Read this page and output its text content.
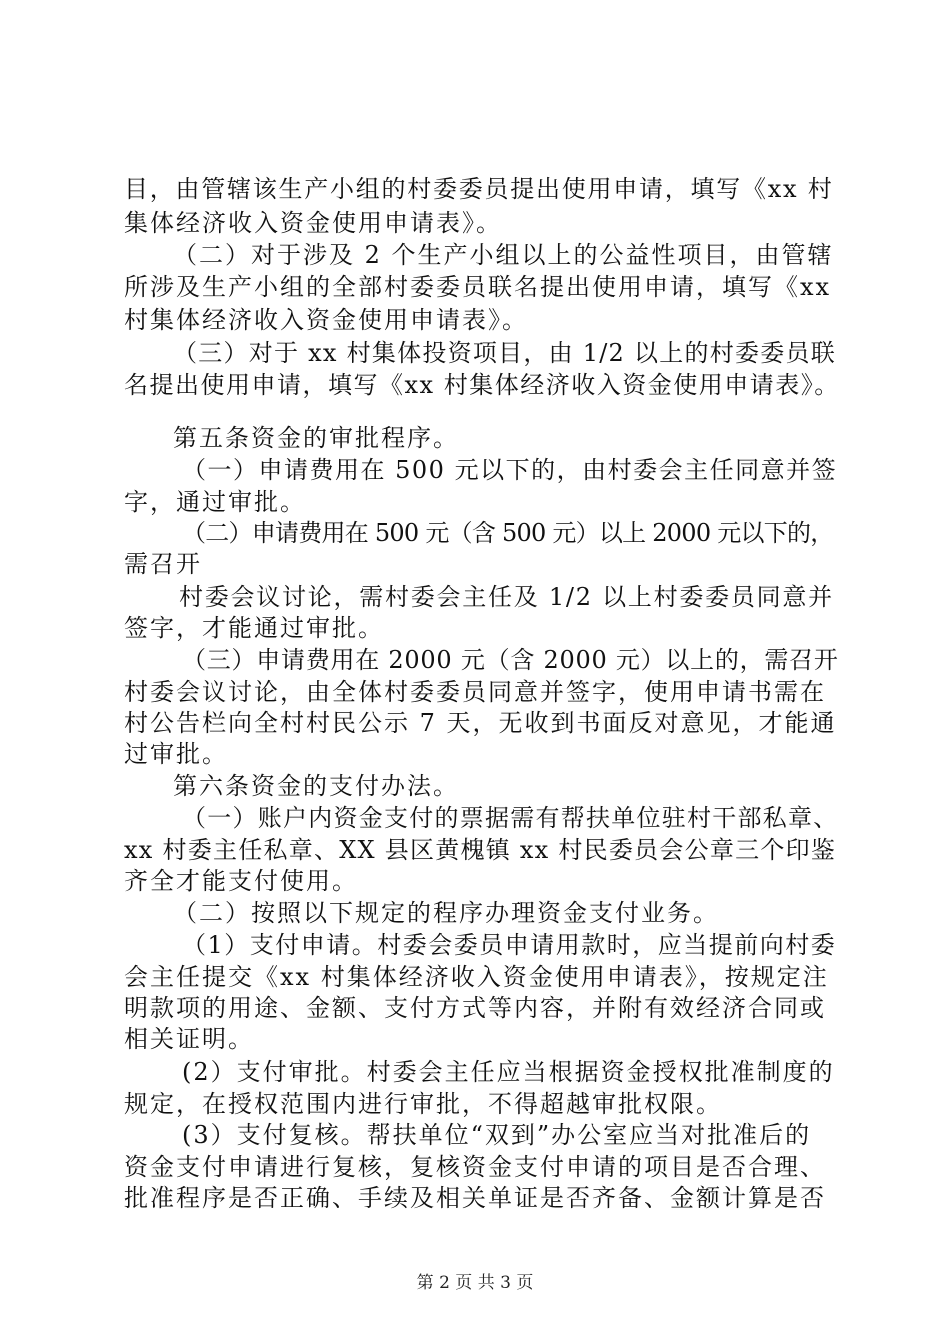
目，由管辖该生产小组的村委委员提出使用申请，填写《xx 村
集体经济收入资金使用申请表》。
（二）对于涉及 2 个生产小组以上的公益性项目，由管辖
所涉及生产小组的全部村委委员联名提出使用申请，填写《xx
村集体经济收入资金使用申请表》。
（三）对于 xx 村集体投资项目，由 1/2 以上的村委委员联
名提出使用申请，填写《xx 村集体经济收入资金使用申请表》。
第五条资金的审批程序。
（一）申请费用在 500 元以下的，由村委会主任同意并签
字，通过审批。
（二）申请费用在 500 元（含 500 元）以上 2000 元以下的，
需召开
村委会议讨论，需村委会主任及 1/2 以上村委委员同意并
签字，才能通过审批。
（三）申请费用在 2000 元（含 2000 元）以上的，需召开
村委会议讨论，由全体村委委员同意并签字，使用申请书需在
村公告栏向全村村民公示 7 天，无收到书面反对意见，才能通
过审批。
第六条资金的支付办法。
（一）账户内资金支付的票据需有帮扶单位驻村干部私章、
xx 村委主任私章、XX 县区黄槐镇 xx 村民委员会公章三个印鉴
齐全才能支付使用。
（二）按照以下规定的程序办理资金支付业务。
（1）支付申请。村委会委员申请用款时，应当提前向村委
会主任提交《xx 村集体经济收入资金使用申请表》，按规定注
明款项的用途、金额、支付方式等内容，并附有效经济合同或
相关证明。
(2）支付审批。村委会主任应当根据资金授权批准制度的
规定，在授权范围内进行审批，不得超越审批权限。
(3）支付复核。帮扶单位“双到”办公室应当对批准后的
资金支付申请进行复核，复核资金支付申请的项目是否合理、
批准程序是否正确、手续及相关单证是否齐备、金额计算是否
第 2 页 共 3 页
